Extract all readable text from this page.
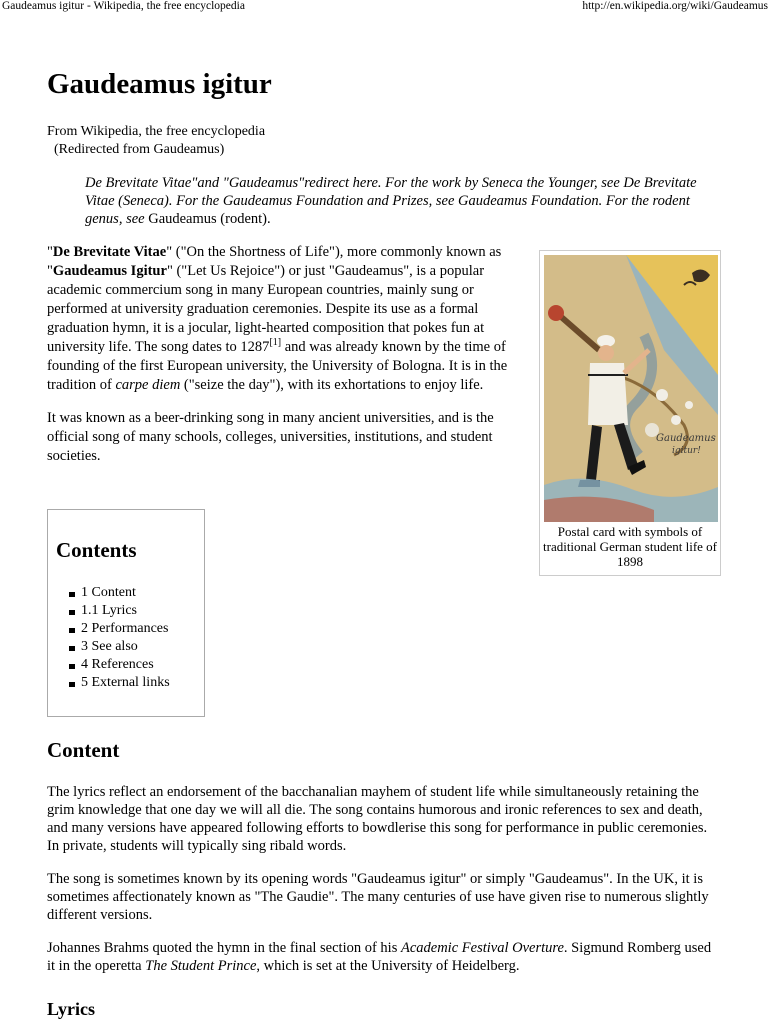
Gaudeamus igitur - Wikipedia, the free encyclopedia	http://en.wikipedia.org/wiki/Gaudeamus
Gaudeamus igitur
From Wikipedia, the free encyclopedia
(Redirected from Gaudeamus)
De Brevitate Vitae"and "Gaudeamus"redirect here. For the work by Seneca the Younger, see De Brevitate Vitae (Seneca). For the Gaudeamus Foundation and Prizes, see Gaudeamus Foundation. For the rodent genus, see Gaudeamus (rodent).

"De Brevitate Vitae" ("On the Shortness of Life"), more commonly known as "Gaudeamus Igitur" ("Let Us Rejoice") or just "Gaudeamus", is a popular academic commercium song in many European countries, mainly sung or performed at university graduation ceremonies. Despite its use as a formal graduation hymn, it is a jocular, light-hearted composition that pokes fun at university life. The song dates to 1287[1] and was already known by the time of founding of the first European university, the University of Bologna. It is in the tradition of carpe diem ("seize the day"), with its exhortations to enjoy life.

It was known as a beer-drinking song in many ancient universities, and is the official song of many schools, colleges, universities, institutions, and student societies.

Gaudeamus
igitur!
Postal card with symbols of traditional German student life of 1898
Contents
1 Content
1.1 Lyrics
2 Performances
3 See also
4 References
5 External links
Content

The lyrics reflect an endorsement of the bacchanalian mayhem of student life while simultaneously retaining the grim knowledge that one day we will all die. The song contains humorous and ironic references to sex and death, and many versions have appeared following efforts to bowdlerise this song for performance in public ceremonies. In private, students will typically sing ribald words.

The song is sometimes known by its opening words "Gaudeamus igitur" or simply "Gaudeamus". In the UK, it is sometimes affectionately known as "The Gaudie". The many centuries of use have given rise to numerous slightly different versions.

Johannes Brahms quoted the hymn in the final section of his Academic Festival Overture. Sigmund Romberg used it in the operetta The Student Prince, which is set at the University of Heidelberg.

Lyrics
